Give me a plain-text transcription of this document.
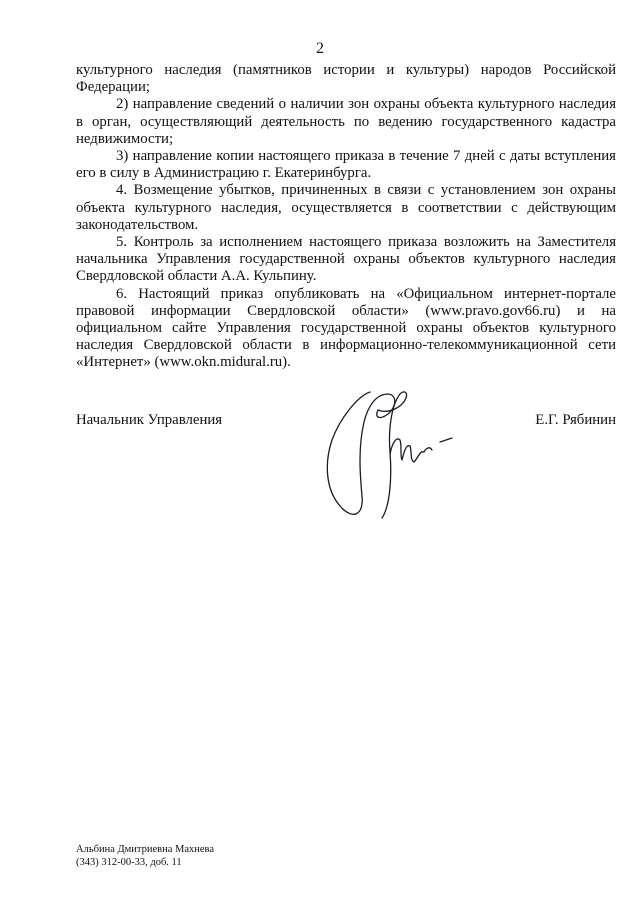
2

культурного наследия (памятников истории и культуры) народов Российской Федерации;

2) направление сведений о наличии зон охраны объекта культурного наследия в орган, осуществляющий деятельность по ведению государственного кадастра недвижимости;

3) направление копии настоящего приказа в течение 7 дней с даты вступления его в силу в Администрацию г. Екатеринбурга.

4. Возмещение убытков, причиненных в связи с установлением зон охраны объекта культурного наследия, осуществляется в соответствии с действующим законодательством.

5. Контроль за исполнением настоящего приказа возложить на Заместителя начальника Управления государственной охраны объектов культурного наследия Свердловской области А.А. Кульпину.

6. Настоящий приказ опубликовать на «Официальном интернет-портале правовой информации Свердловской области» (www.pravo.gov66.ru) и на официальном сайте Управления государственной охраны объектов культурного наследия Свердловской области в информационно-телекоммуникационной сети «Интернет» (www.okn.midural.ru).

Начальник Управления	Е.Г. Рябинин
Альбина Дмитриевна Махнева
(343) 312-00-33, доб. 11
